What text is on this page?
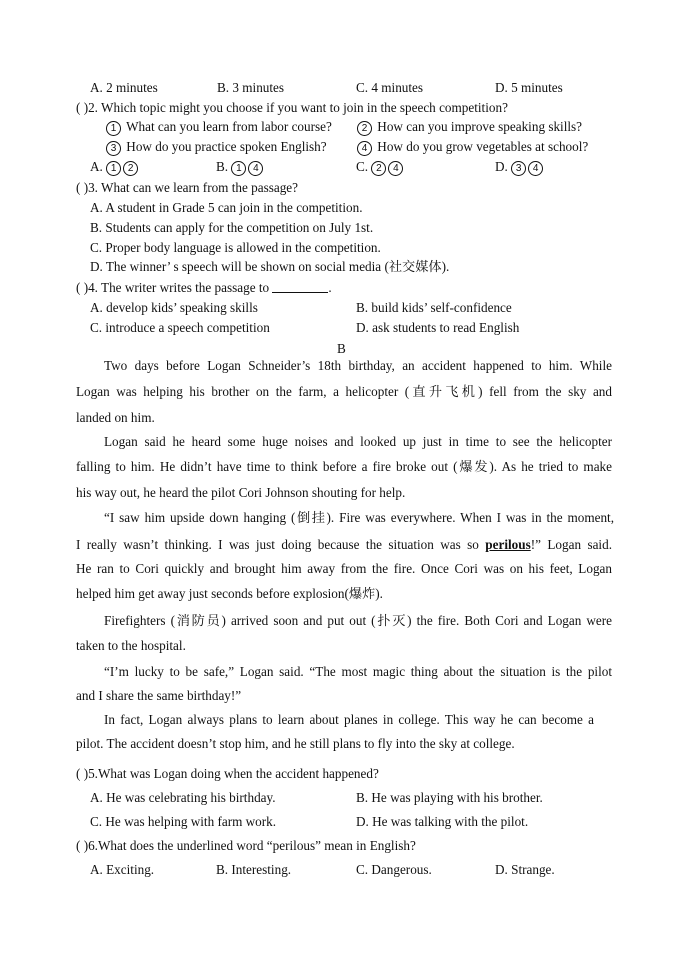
A. 2 minutes	B. 3 minutes	C. 4 minutes	D. 5 minutes
( )2. Which topic might you choose if you want to join in the speech competition?
1 What can you learn from labor course?	2 How can you improve speaking skills?
3 How do you practice spoken English?	4 How do you grow vegetables at school?
A. 1 2	B. 1 4	C. 2 4	D. 3 4
( )3. What can we learn from the passage?
A. A student in Grade 5 can join in the competition.
B. Students can apply for the competition on July 1st.
C. Proper body language is allowed in the competition.
D. The winner’ s speech will be shown on social media (社交媒体).
( )4. The writer writes the passage to	.
A. develop kids’ speaking skills	B. build kids’ self-confidence
C. introduce a speech competition	D. ask students to read English
B
Two days before Logan Schneider’s 18th birthday, an accident happened to him. While
Logan was helping his brother on the farm, a helicopter (直升飞机) fell from the sky and
landed on him.
Logan said he heard some huge noises and looked up just in time to see the helicopter
falling to him. He didn’t have time to think before a fire broke out (爆发). As he tried to make
his way out, he heard the pilot Cori Johnson shouting for help.
“I saw him upside down hanging (倒挂). Fire was everywhere. When I was in the moment,
I really wasn’t thinking. I was just doing because the situation was so perilous!” Logan said.
He ran to Cori quickly and brought him away from the fire. Once Cori was on his feet, Logan
helped him get away just seconds before explosion(爆炸).
Firefighters (消防员) arrived soon and put out (扑灭) the fire. Both Cori and Logan were
taken to the hospital.
“I’m lucky to be safe,” Logan said. “The most magic thing about the situation is the pilot
and I share the same birthday!”
In fact, Logan always plans to learn about planes in college. This way he can become a
pilot. The accident doesn’t stop him, and he still plans to fly into the sky at college.
( )5.What was Logan doing when the accident happened?
A. He was celebrating his birthday.	B. He was playing with his brother.
C. He was helping with farm work.	D. He was talking with the pilot.
( )6.What does the underlined word “perilous” mean in English?
A. Exciting.	B. Interesting.	C. Dangerous.	D. Strange.
